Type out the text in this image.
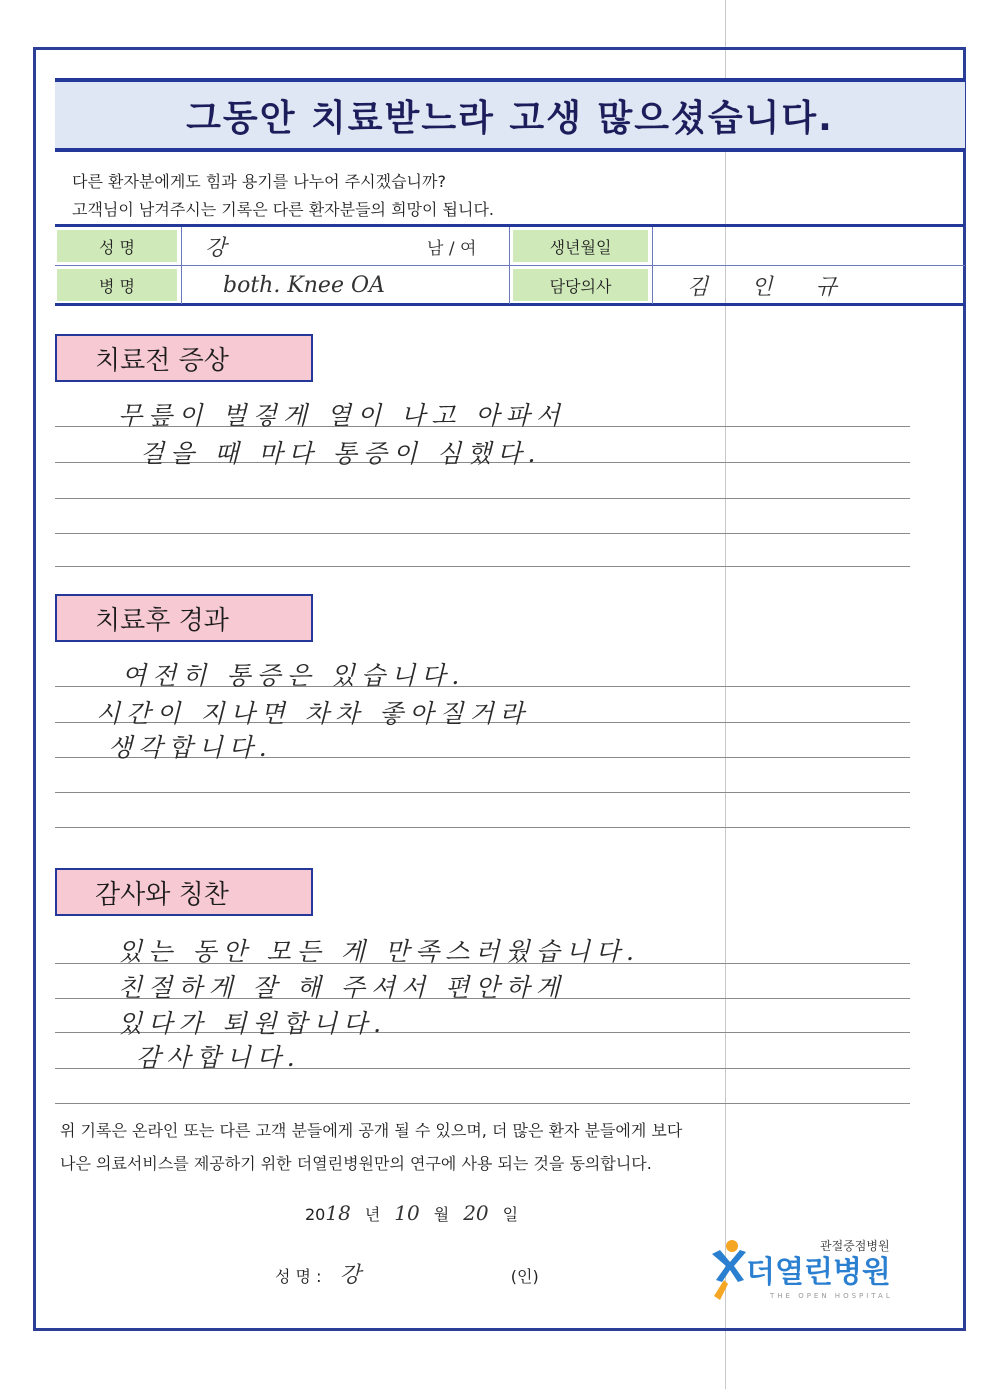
그동안 치료받느라 고생 많으셨습니다.
다른 환자분에게도 힘과 용기를 나누어 주시겠습니까?
고객님이 남겨주시는 기록은 다른 환자분들의 희망이 됩니다.
성 명	강	남 / 여	생년월일
병 명	both. Knee OA	담당의사	김 인 규
치료전 증상
무릎이 벌겋게 열이 나고 아파서
걸을 때 마다 통증이 심했다.
치료후 경과
여전히 통증은 있습니다.
시간이 지나면 차차 좋아질거라
생각합니다.
감사와 칭찬
있는 동안 모든 게 만족스러웠습니다.
친절하게 잘 해 주셔서 편안하게
있다가 퇴원합니다.
감사합니다.
위 기록은 온라인 또는 다른 고객 분들에게 공개 될 수 있으며, 더 많은 환자 분들에게 보다
나은 의료서비스를 제공하기 위한 더열린병원만의 연구에 사용 되는 것을 동의합니다.
2018 년 10 월 20 일
성 명 : 강	(인)
관절중점병원
더열린병원
THE OPEN HOSPITAL
